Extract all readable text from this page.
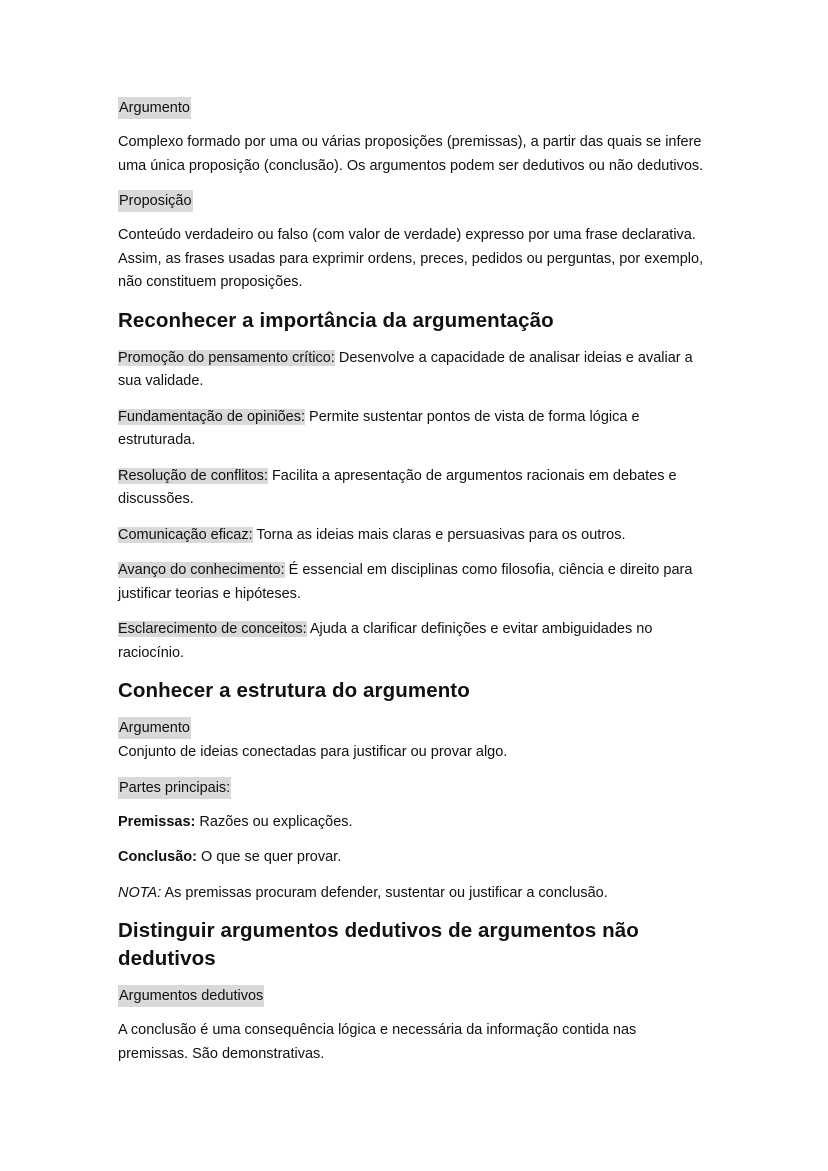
Argumento

Complexo formado por uma ou várias proposições (premissas), a partir das quais se infere uma única proposição (conclusão). Os argumentos podem ser dedutivos ou não dedutivos.

Proposição

Conteúdo verdadeiro ou falso (com valor de verdade) expresso por uma frase declarativa. Assim, as frases usadas para exprimir ordens, preces, pedidos ou perguntas, por exemplo, não constituem proposições.

Reconhecer a importância da argumentação

Promoção do pensamento crítico: Desenvolve a capacidade de analisar ideias e avaliar a sua validade.

Fundamentação de opiniões: Permite sustentar pontos de vista de forma lógica e estruturada.

Resolução de conflitos: Facilita a apresentação de argumentos racionais em debates e discussões.

Comunicação eficaz: Torna as ideias mais claras e persuasivas para os outros.

Avanço do conhecimento: É essencial em disciplinas como filosofia, ciência e direito para justificar teorias e hipóteses.

Esclarecimento de conceitos: Ajuda a clarificar definições e evitar ambiguidades no raciocínio.

Conhecer a estrutura do argumento
Argumento

Conjunto de ideias conectadas para justificar ou provar algo.

Partes principais:

Premissas: Razões ou explicações.

Conclusão: O que se quer provar.

NOTA: As premissas procuram defender, sustentar ou justificar a conclusão.

Distinguir argumentos dedutivos de argumentos não dedutivos
Argumentos dedutivos

A conclusão é uma consequência lógica e necessária da informação contida nas premissas. São demonstrativas.
